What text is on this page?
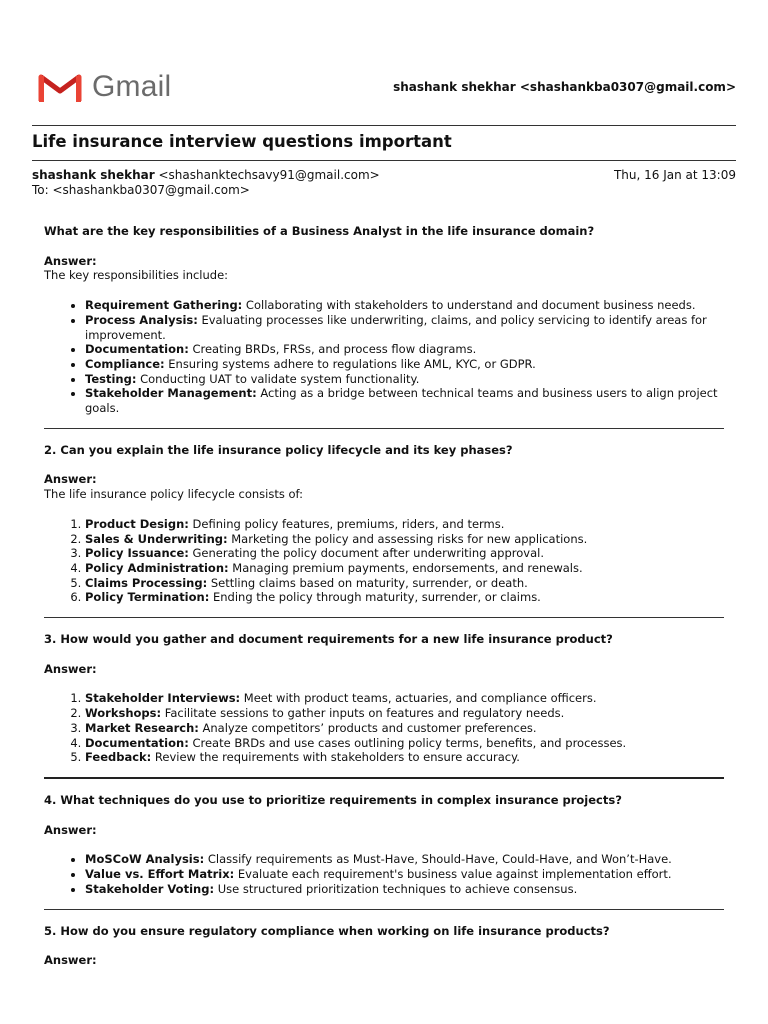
Gmail	shashank shekhar <shashankba0307@gmail.com>
Life insurance interview questions important
shashank shekhar <shashanktechsavy91@gmail.com>	Thu, 16 Jan at 13:09
To: <shashankba0307@gmail.com>

What are the key responsibilities of a Business Analyst in the life insurance domain?

Answer:

The key responsibilities include:

• Requirement Gathering: Collaborating with stakeholders to understand and document business needs.
• Process Analysis: Evaluating processes like underwriting, claims, and policy servicing to identify areas for improvement.
• Documentation: Creating BRDs, FRSs, and process flow diagrams.
• Compliance: Ensuring systems adhere to regulations like AML, KYC, or GDPR.
• Testing: Conducting UAT to validate system functionality.
• Stakeholder Management: Acting as a bridge between technical teams and business users to align project goals.

2. Can you explain the life insurance policy lifecycle and its key phases?

Answer:

The life insurance policy lifecycle consists of:

1. Product Design: Defining policy features, premiums, riders, and terms.
2. Sales & Underwriting: Marketing the policy and assessing risks for new applications.
3. Policy Issuance: Generating the policy document after underwriting approval.
4. Policy Administration: Managing premium payments, endorsements, and renewals.
5. Claims Processing: Settling claims based on maturity, surrender, or death.
6. Policy Termination: Ending the policy through maturity, surrender, or claims.

3. How would you gather and document requirements for a new life insurance product?

Answer:

1. Stakeholder Interviews: Meet with product teams, actuaries, and compliance officers.
2. Workshops: Facilitate sessions to gather inputs on features and regulatory needs.
3. Market Research: Analyze competitors’ products and customer preferences.
4. Documentation: Create BRDs and use cases outlining policy terms, benefits, and processes.
5. Feedback: Review the requirements with stakeholders to ensure accuracy.

4. What techniques do you use to prioritize requirements in complex insurance projects?

Answer:

• MoSCoW Analysis: Classify requirements as Must-Have, Should-Have, Could-Have, and Won’t-Have.
• Value vs. Effort Matrix: Evaluate each requirement's business value against implementation effort.
• Stakeholder Voting: Use structured prioritization techniques to achieve consensus.

5. How do you ensure regulatory compliance when working on life insurance products?

Answer:
